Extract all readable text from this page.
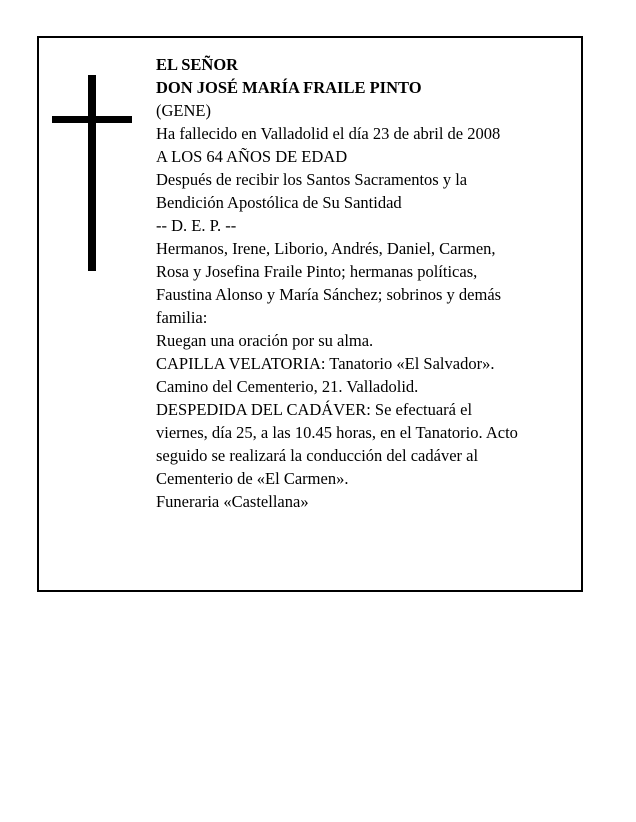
EL SEÑOR
DON JOSÉ MARÍA FRAILE PINTO
(GENE)
Ha fallecido en Valladolid el día 23 de abril de 2008
A LOS 64 AÑOS DE EDAD
Después de recibir los Santos Sacramentos y la
Bendición Apostólica de Su Santidad
-- D. E. P. --
Hermanos, Irene, Liborio, Andrés, Daniel, Carmen,
Rosa y Josefina Fraile Pinto; hermanas políticas,
Faustina Alonso y María Sánchez; sobrinos y demás
familia:
Ruegan una oración por su alma.
CAPILLA VELATORIA: Tanatorio «El Salvador».
Camino del Cementerio, 21. Valladolid.
DESPEDIDA DEL CADÁVER: Se efectuará el
viernes, día 25, a las 10.45 horas, en el Tanatorio. Acto
seguido se realizará la conducción del cadáver al
Cementerio de «El Carmen».
Funeraria «Castellana»
